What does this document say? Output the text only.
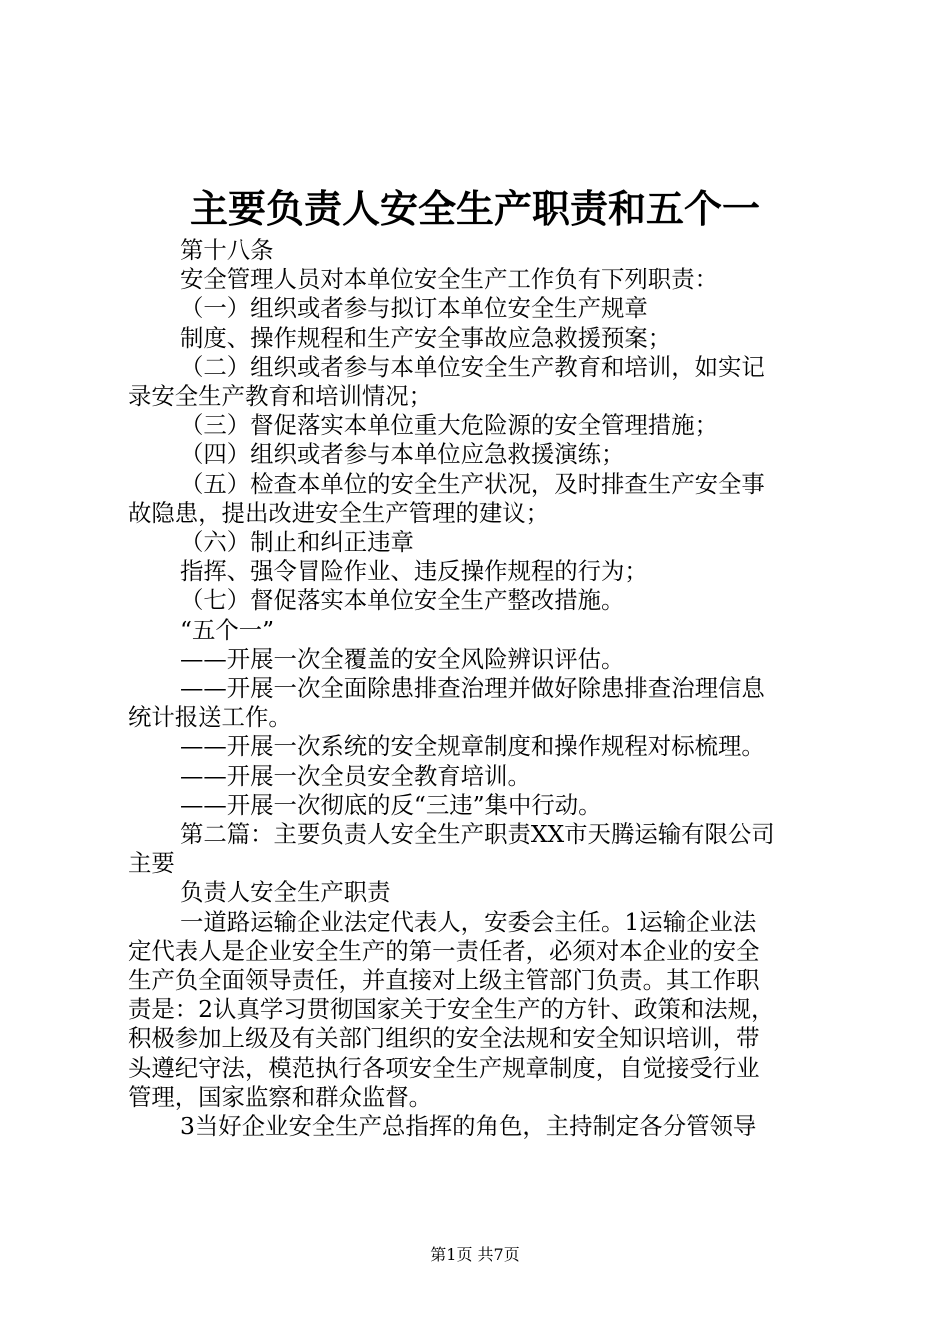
主要负责人安全生产职责和五个一

第十八条

安全管理人员对本单位安全生产工作负有下列职责：

（一）组织或者参与拟订本单位安全生产规章

制度、操作规程和生产安全事故应急救援预案；

（二）组织或者参与本单位安全生产教育和培训，如实记

录安全生产教育和培训情况；

（三）督促落实本单位重大危险源的安全管理措施；

（四）组织或者参与本单位应急救援演练；

（五）检查本单位的安全生产状况，及时排查生产安全事

故隐患，提出改进安全生产管理的建议；

（六）制止和纠正违章

指挥、强令冒险作业、违反操作规程的行为；

（七）督促落实本单位安全生产整改措施。

“五个一”

——开展一次全覆盖的安全风险辨识评估。

——开展一次全面除患排查治理并做好除患排查治理信息

统计报送工作。

——开展一次系统的安全规章制度和操作规程对标梳理。

——开展一次全员安全教育培训。

——开展一次彻底的反“三违”集中行动。

第二篇：主要负责人安全生产职责XX市天腾运输有限公司

主要

负责人安全生产职责

一道路运输企业法定代表人，安委会主任。1运输企业法

定代表人是企业安全生产的第一责任者，必须对本企业的安全

生产负全面领导责任，并直接对上级主管部门负责。其工作职

责是：2认真学习贯彻国家关于安全生产的方针、政策和法规，

积极参加上级及有关部门组织的安全法规和安全知识培训，带

头遵纪守法，模范执行各项安全生产规章制度，自觉接受行业

管理，国家监察和群众监督。

3当好企业安全生产总指挥的角色，主持制定各分管领导

第1页 共7页
